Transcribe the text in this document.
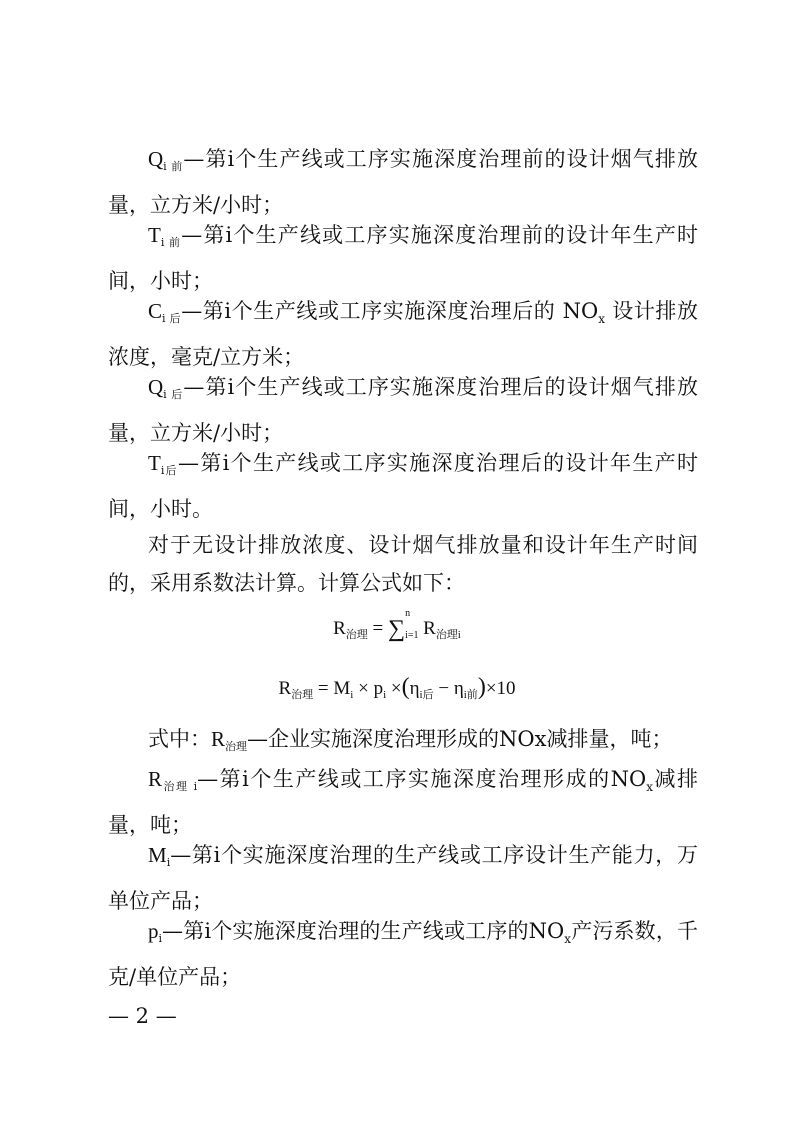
$Q_{i 前}—$第i个生产线或工序实施深度治理前的设计烟气排放量，立方米/小时；

$T_{i 前}—$第i个生产线或工序实施深度治理前的设计年生产时间，小时；

$C_{i 后}—$第i个生产线或工序实施深度治理后的 $NO_x$ 设计排放浓度，毫克/立方米；

$Q_{i 后}—$第i个生产线或工序实施深度治理后的设计烟气排放量，立方米/小时；

$T_{i后}—$第i个生产线或工序实施深度治理后的设计年生产时间，小时。

对于无设计排放浓度、设计烟气排放量和设计年生产时间的，采用系数法计算。计算公式如下：

$R_{治理}$ = ∑
n
i=1 $R_{治理i}$
$R_{治理} = M_i \times p_i \times(\eta_{i后} - \eta_{i前})\times 10$

式中：$R_{治理}—$企业实施深度治理形成的NOx减排量，吨；

$R_{治理 i}—$第i个生产线或工序实施深度治理形成的$NO_x$减排量，吨；

$M_i—$第i个实施深度治理的生产线或工序设计生产能力，万单位产品；

$p_i—$第i个实施深度治理的生产线或工序的$NO_x$产污系数，千克/单位产品；

— 2 —
